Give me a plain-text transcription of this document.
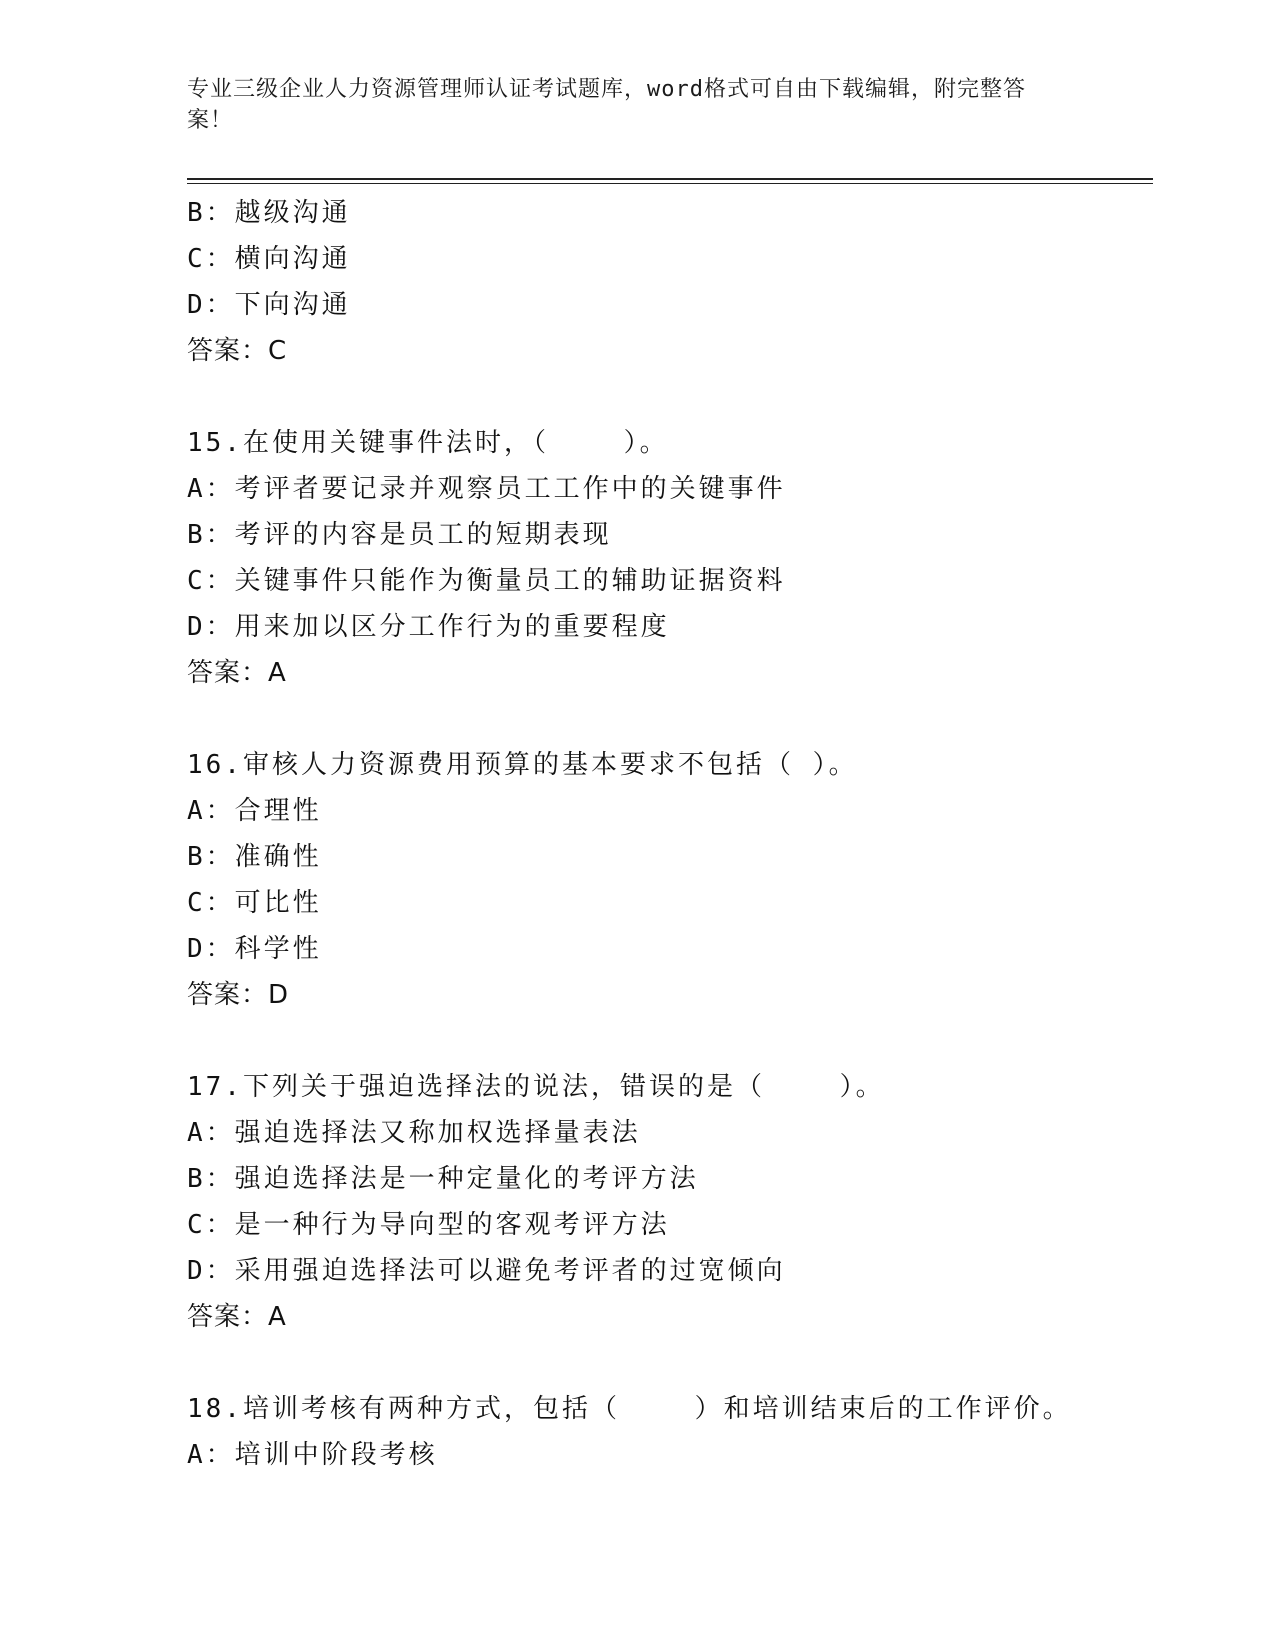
专业三级企业人力资源管理师认证考试题库，word格式可自由下载编辑，附完整答案！
B：越级沟通
C：横向沟通
D：下向沟通
答案：C
15.在使用关键事件法时，（    ）。
A：考评者要记录并观察员工工作中的关键事件
B：考评的内容是员工的短期表现
C：关键事件只能作为衡量员工的辅助证据资料
D：用来加以区分工作行为的重要程度
答案：A
16.审核人力资源费用预算的基本要求不包括（ ）。
A：合理性
B：准确性
C：可比性
D：科学性
答案：D
17.下列关于强迫选择法的说法，错误的是（    ）。
A：强迫选择法又称加权选择量表法
B：强迫选择法是一种定量化的考评方法
C：是一种行为导向型的客观考评方法
D：采用强迫选择法可以避免考评者的过宽倾向
答案：A
18.培训考核有两种方式，包括（    ）和培训结束后的工作评价。
A：培训中阶段考核
